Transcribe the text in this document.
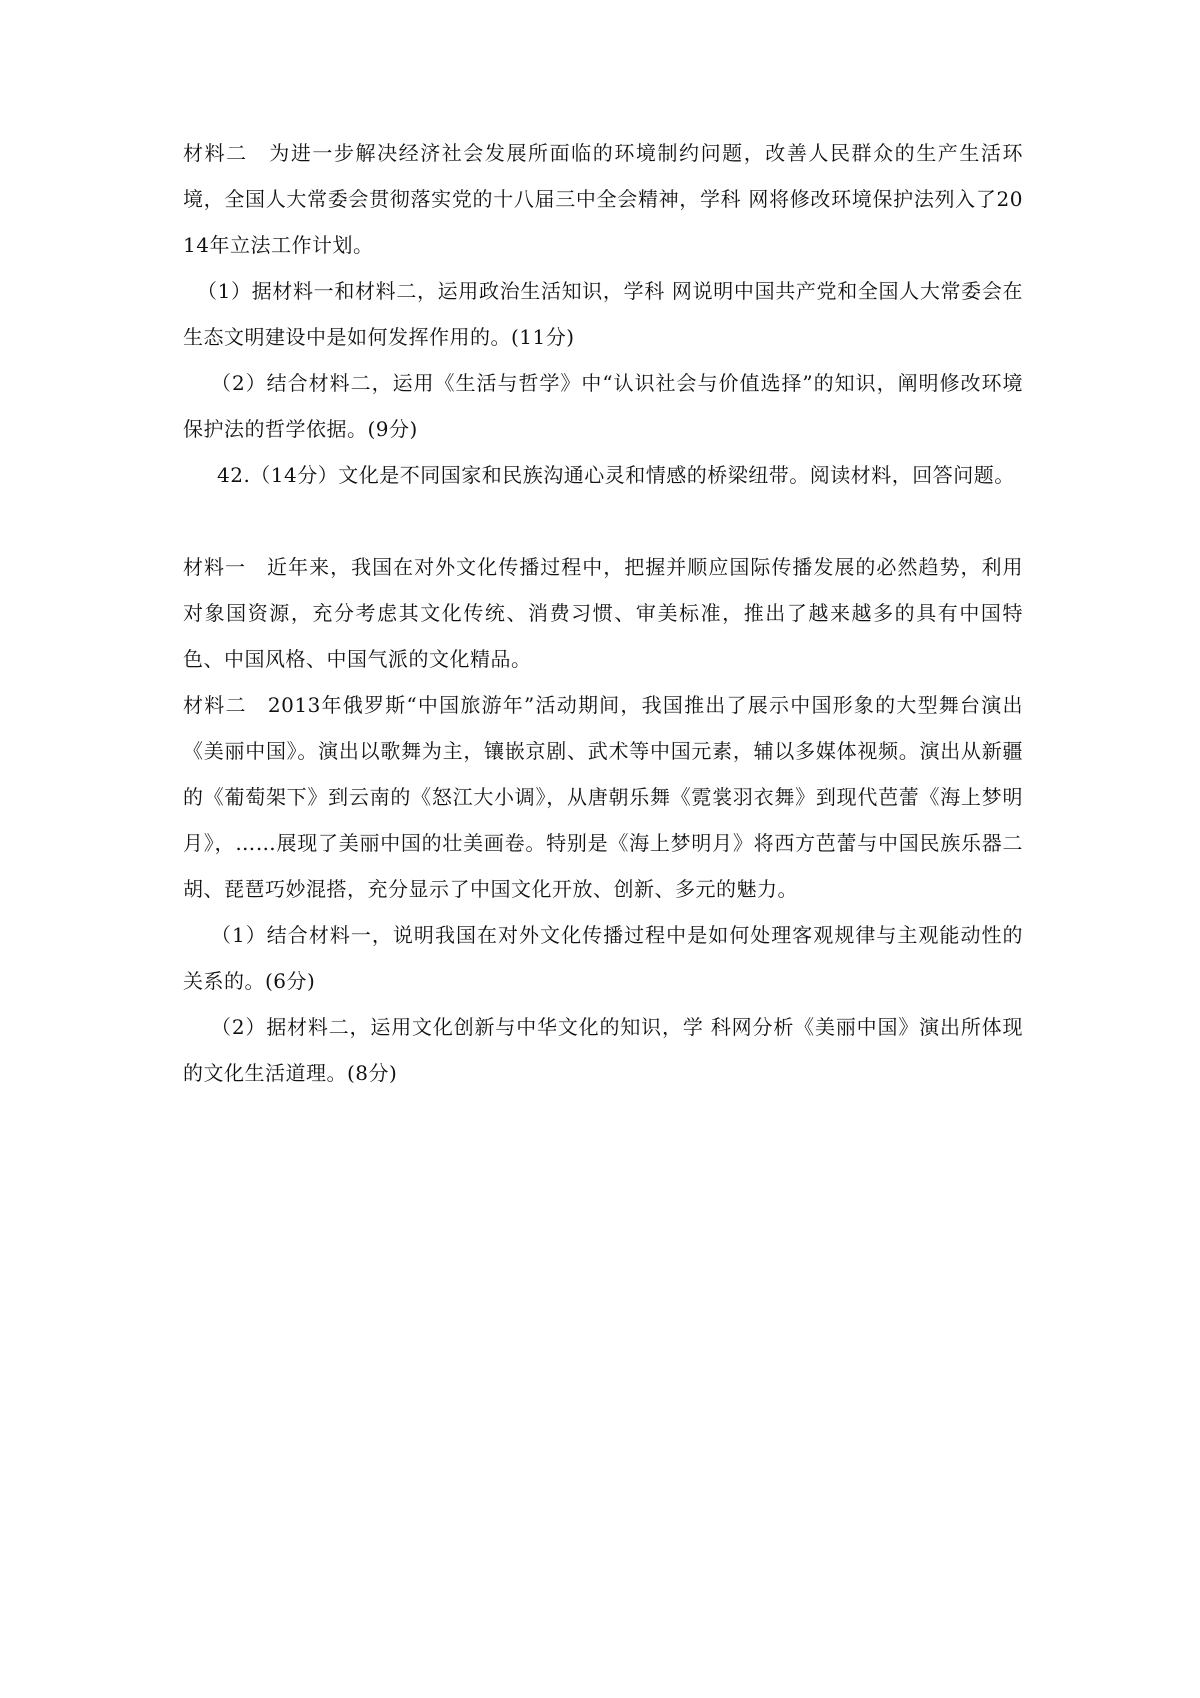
材料二　为进一步解决经济社会发展所面临的环境制约问题，改善人民群众的生产生活环境，全国人大常委会贯彻落实党的十八届三中全会精神，学科 网将修改环境保护法列入了2014年立法工作计划。

（1）据材料一和材料二，运用政治生活知识，学科 网说明中国共产党和全国人大常委会在生态文明建设中是如何发挥作用的。(11分)

（2）结合材料二，运用《生活与哲学》中“认识社会与价值选择”的知识，阐明修改环境保护法的哲学依据。(9分)

42.（14分）文化是不同国家和民族沟通心灵和情感的桥梁纽带。阅读材料，回答问题。

材料一　近年来，我国在对外文化传播过程中，把握并顺应国际传播发展的必然趋势，利用对象国资源，充分考虑其文化传统、消费习惯、审美标准，推出了越来越多的具有中国特色、中国风格、中国气派的文化精品。

材料二　2013年俄罗斯“中国旅游年”活动期间，我国推出了展示中国形象的大型舞台演出《美丽中国》。演出以歌舞为主，镶嵌京剧、武术等中国元素，辅以多媒体视频。演出从新疆的《葡萄架下》到云南的《怒江大小调》，从唐朝乐舞《霓裳羽衣舞》到现代芭蕾《海上梦明月》，……展现了美丽中国的壮美画卷。特别是《海上梦明月》将西方芭蕾与中国民族乐器二胡、琵琶巧妙混搭，充分显示了中国文化开放、创新、多元的魅力。

（1）结合材料一，说明我国在对外文化传播过程中是如何处理客观规律与主观能动性的关系的。(6分)

（2）据材料二，运用文化创新与中华文化的知识，学 科网分析《美丽中国》演出所体现的文化生活道理。(8分)
